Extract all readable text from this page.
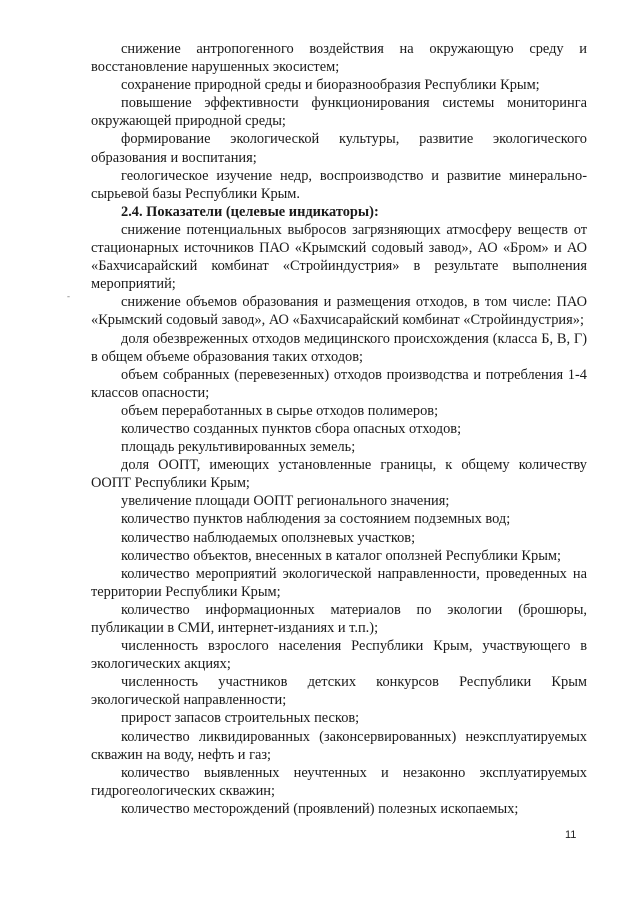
снижение антропогенного воздействия на окружающую среду и восстановление нарушенных экосистем;

сохранение природной среды и биоразнообразия Республики Крым;

повышение эффективности функционирования системы мониторинга окружающей природной среды;

формирование экологической культуры, развитие экологического образования и воспитания;

геологическое изучение недр, воспроизводство и развитие минерально-сырьевой базы Республики Крым.

2.4. Показатели (целевые индикаторы):

снижение потенциальных выбросов загрязняющих атмосферу веществ от стационарных источников ПАО «Крымский содовый завод», АО «Бром» и АО «Бахчисарайский комбинат «Стройиндустрия» в результате выполнения мероприятий;

снижение объемов образования и размещения отходов, в том числе: ПАО «Крымский содовый завод», АО «Бахчисарайский комбинат «Стройиндустрия»;

доля обезвреженных отходов медицинского происхождения (класса Б, В, Г) в общем объеме образования таких отходов;

объем собранных (перевезенных) отходов производства и потребления 1-4 классов опасности;

объем переработанных в сырье отходов полимеров;

количество созданных пунктов сбора опасных отходов;

площадь рекультивированных земель;

доля ООПТ, имеющих установленные границы, к общему количеству ООПТ Республики Крым;

увеличение площади ООПТ регионального значения;

количество пунктов наблюдения за состоянием подземных вод;

количество наблюдаемых оползневых участков;

количество объектов, внесенных в каталог оползней Республики Крым;

количество мероприятий экологической направленности, проведенных на территории Республики Крым;

количество информационных материалов по экологии (брошюры, публикации в СМИ, интернет-изданиях и т.п.);

численность взрослого населения Республики Крым, участвующего в экологических акциях;

численность участников детских конкурсов Республики Крым экологической направленности;

прирост запасов строительных песков;

количество ликвидированных (законсервированных) неэксплуатируемых скважин на воду, нефть и газ;

количество выявленных неучтенных и незаконно эксплуатируемых гидрогеологических скважин;

количество месторождений (проявлений) полезных ископаемых;

-
11
